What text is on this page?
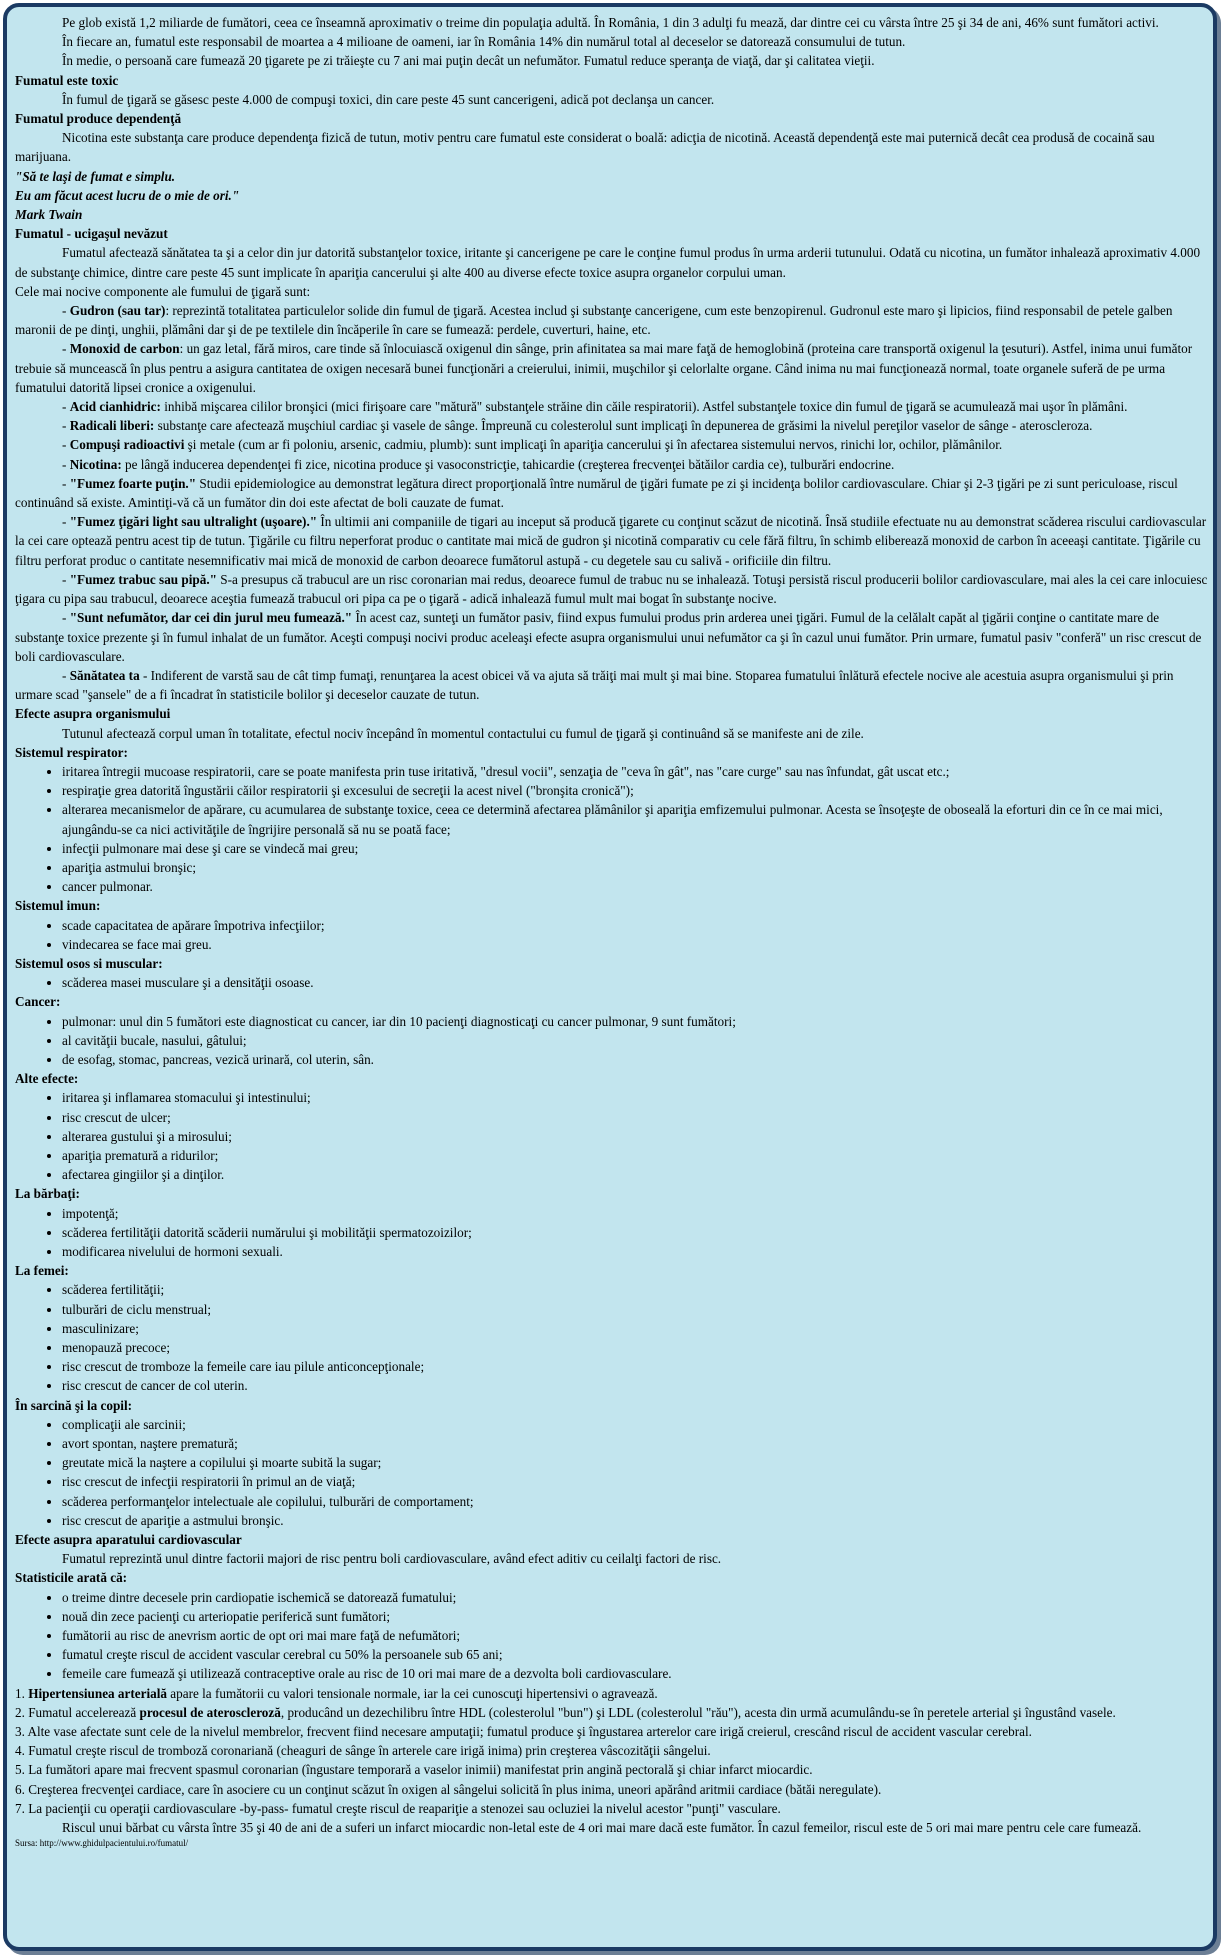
Pe glob există 1,2 miliarde de fumători, ceea ce înseamnă aproximativ o treime din populaţia adultă. În România, 1 din 3 adulţi fu mează, dar dintre cei cu vârsta între 25 şi 34 de ani, 46% sunt fumători activi.

În fiecare an, fumatul este responsabil de moartea a 4 milioane de oameni, iar în România 14% din numărul total al deceselor se datorează consumului de tutun.

În medie, o persoană care fumează 20 ţigarete pe zi trăieşte cu 7 ani mai puţin decât un nefumător. Fumatul reduce speranţa de viaţă, dar şi calitatea vieţii.

Fumatul este toxic

În fumul de ţigară se găsesc peste 4.000 de compuşi toxici, din care peste 45 sunt cancerigeni, adică pot declanşa un cancer.

Fumatul produce dependenţă

Nicotina este substanţa care produce dependenţa fizică de tutun, motiv pentru care fumatul este considerat o boală: adicţia de nicotină. Această dependenţă este mai puternică decât cea produsă de cocaină sau marijuana.

"Să te laşi de fumat e simplu.

Eu am făcut acest lucru de o mie de ori."

Mark Twain

Fumatul - ucigaşul nevăzut

Fumatul afectează sănătatea ta şi a celor din jur datorită substanţelor toxice, iritante şi cancerigene pe care le conţine fumul produs în urma arderii tutunului. Odată cu nicotina, un fumător inhalează aproximativ 4.000 de substanţe chimice, dintre care peste 45 sunt implicate în apariţia cancerului şi alte 400 au diverse efecte toxice asupra organelor corpului uman.

Cele mai nocive componente ale fumului de ţigară sunt:

- Gudron (sau tar): reprezintă totalitatea particulelor solide din fumul de ţigară. Acestea includ şi substanţe cancerigene, cum este benzopirenul. Gudronul este maro şi lipicios, fiind responsabil de petele galben maronii de pe dinţi, unghii, plămâni dar şi de pe textilele din încăperile în care se fumează: perdele, cuverturi, haine, etc.

- Monoxid de carbon: un gaz letal, fără miros, care tinde să înlocuiască oxigenul din sânge, prin afinitatea sa mai mare faţă de hemoglobină (proteina care transportă oxigenul la ţesuturi). Astfel, inima unui fumător trebuie să muncească în plus pentru a asigura cantitatea de oxigen necesară bunei funcţionări a creierului, inimii, muşchilor şi celorlalte organe. Când inima nu mai funcţionează normal, toate organele suferă de pe urma fumatului datorită lipsei cronice a oxigenului.

- Acid cianhidric: inhibă mişcarea cililor bronşici (mici firişoare care "mătură" substanţele străine din căile respiratorii). Astfel substanţele toxice din fumul de ţigară se acumulează mai uşor în plămâni.

- Radicali liberi: substanţe care afectează muşchiul cardiac şi vasele de sânge. Împreună cu colesterolul sunt implicaţi în depunerea de grăsimi la nivelul pereţilor vaselor de sânge - ateroscleroza.

- Compuşi radioactivi şi metale (cum ar fi poloniu, arsenic, cadmiu, plumb): sunt implicaţi în apariţia cancerului şi în afectarea sistemului nervos, rinichi lor, ochilor, plămânilor.

- Nicotina: pe lângă inducerea dependenţei fi zice, nicotina produce şi vasoconstricţie, tahicardie (creşterea frecvenţei bătăilor cardia ce), tulburări endocrine.

- "Fumez foarte puţin." Studii epidemiologice au demonstrat legătura direct proporţională între numărul de ţigări fumate pe zi şi incidenţa bolilor cardiovasculare. Chiar şi 2-3 ţigări pe zi sunt periculoase, riscul continuând să existe. Amintiţi-vă că un fumător din doi este afectat de boli cauzate de fumat.

- "Fumez ţigări light sau ultralight (uşoare)." În ultimii ani companiile de tigari au inceput să producă ţigarete cu conţinut scăzut de nicotină. Însă studiile efectuate nu au demonstrat scăderea riscului cardiovascular la cei care optează pentru acest tip de tutun. Ţigările cu filtru neperforat produc o cantitate mai mică de gudron şi nicotină comparativ cu cele fără filtru, în schimb eliberează monoxid de carbon în aceeaşi cantitate. Ţigările cu filtru perforat produc o cantitate nesemnificativ mai mică de monoxid de carbon deoarece fumătorul astupă - cu degetele sau cu salivă - orificiile din filtru.

- "Fumez trabuc sau pipă." S-a presupus că trabucul are un risc coronarian mai redus, deoarece fumul de trabuc nu se inhalează. Totuşi persistă riscul producerii bolilor cardiovasculare, mai ales la cei care inlocuiesc ţigara cu pipa sau trabucul, deoarece aceştia fumează trabucul ori pipa ca pe o ţigară - adică inhalează fumul mult mai bogat în substanţe nocive.

- "Sunt nefumător, dar cei din jurul meu fumează." În acest caz, sunteţi un fumător pasiv, fiind expus fumului produs prin arderea unei ţigări. Fumul de la celălalt capăt al ţigării conţine o cantitate mare de substanţe toxice prezente şi în fumul inhalat de un fumător. Aceşti compuşi nocivi produc aceleaşi efecte asupra organismului unui nefumător ca şi în cazul unui fumător. Prin urmare, fumatul pasiv "conferă" un risc crescut de boli cardiovasculare.

- Sănătatea ta - Indiferent de varstă sau de cât timp fumaţi, renunţarea la acest obicei vă va ajuta să trăiţi mai mult şi mai bine. Stoparea fumatului înlătură efectele nocive ale acestuia asupra organismului şi prin urmare scad "şansele" de a fi încadrat în statisticile bolilor şi deceselor cauzate de tutun.

Efecte asupra organismului

Tutunul afectează corpul uman în totalitate, efectul nociv începând în momentul contactului cu fumul de ţigară şi continuând să se manifeste ani de zile.

Sistemul respirator:

• iritarea întregii mucoase respiratorii, care se poate manifesta prin tuse iritativă, "dresul vocii", senzaţia de "ceva în gât", nas "care curge" sau nas înfundat, gât uscat etc.;
• respiraţie grea datorită îngustării căilor respiratorii şi excesului de secreţii la acest nivel ("bronşita cronică");
• alterarea mecanismelor de apărare, cu acumularea de substanţe toxice, ceea ce determină afectarea plămânilor şi apariţia emfizemului pulmonar. Acesta se însoţeşte de oboseală la eforturi din ce în ce mai mici, ajungându-se ca nici activităţile de îngrijire personală să nu se poată face;
• infecţii pulmonare mai dese şi care se vindecă mai greu;
• apariţia astmului bronşic;
• cancer pulmonar.

Sistemul imun:

• scade capacitatea de apărare împotriva infecţiilor;
• vindecarea se face mai greu.

Sistemul osos si muscular:

• scăderea masei musculare şi a densităţii osoase.

Cancer:

• pulmonar: unul din 5 fumători este diagnosticat cu cancer, iar din 10 pacienţi diagnosticaţi cu cancer pulmonar, 9 sunt fumători;
• al cavităţii bucale, nasului, gâtului;
• de esofag, stomac, pancreas, vezică urinară, col uterin, sân.

Alte efecte:

• iritarea şi inflamarea stomacului şi intestinului;
• risc crescut de ulcer;
• alterarea gustului şi a mirosului;
• apariţia prematură a ridurilor;
• afectarea gingiilor şi a dinţilor.

La bărbaţi:

• impotenţă;
• scăderea fertilităţii datorită scăderii numărului şi mobilităţii spermatozoizilor;
• modificarea nivelului de hormoni sexuali.

La femei:

• scăderea fertilităţii;
• tulburări de ciclu menstrual;
• masculinizare;
• menopauză precoce;
• risc crescut de tromboze la femeile care iau pilule anticoncepţionale;
• risc crescut de cancer de col uterin.

În sarcină şi la copil:

• complicaţii ale sarcinii;
• avort spontan, naştere prematură;
• greutate mică la naştere a copilului şi moarte subită la sugar;
• risc crescut de infecţii respiratorii în primul an de viaţă;
• scăderea performanţelor intelectuale ale copilului, tulburări de comportament;
• risc crescut de apariţie a astmului bronşic.

Efecte asupra aparatului cardiovascular

Fumatul reprezintă unul dintre factorii majori de risc pentru boli cardiovasculare, având efect aditiv cu ceilalţi factori de risc.

Statisticile arată că:

• o treime dintre decesele prin cardiopatie ischemică se datorează fumatului;
• nouă din zece pacienţi cu arteriopatie periferică sunt fumători;
• fumătorii au risc de anevrism aortic de opt ori mai mare faţă de nefumători;
• fumatul creşte riscul de accident vascular cerebral cu 50% la persoanele sub 65 ani;
• femeile care fumează şi utilizează contraceptive orale au risc de 10 ori mai mare de a dezvolta boli cardiovasculare.

1. Hipertensiunea arterială apare la fumătorii cu valori tensionale normale, iar la cei cunoscuţi hipertensivi o agravează.

2. Fumatul accelerează procesul de ateroscleroză, producând un dezechilibru între HDL (colesterolul "bun") şi LDL (colesterolul "rău"), acesta din urmă acumulându-se în peretele arterial şi îngustând vasele.

3. Alte vase afectate sunt cele de la nivelul membrelor, frecvent fiind necesare amputaţii; fumatul produce şi îngustarea arterelor care irigă creierul, crescând riscul de accident vascular cerebral.

4. Fumatul creşte riscul de tromboză coronariană (cheaguri de sânge în arterele care irigă inima) prin creşterea vâscozităţii sângelui.

5. La fumători apare mai frecvent spasmul coronarian (îngustare temporară a vaselor inimii) manifestat prin angină pectorală şi chiar infarct miocardic.

6. Creşterea frecvenţei cardiace, care în asociere cu un conţinut scăzut în oxigen al sângelui solicită în plus inima, uneori apărând aritmii cardiace (bătăi neregulate).

7. La pacienţii cu operaţii cardiovasculare -by-pass- fumatul creşte riscul de reapariţie a stenozei sau ocluziei la nivelul acestor "punţi" vasculare.

Riscul unui bărbat cu vârsta între 35 şi 40 de ani de a suferi un infarct miocardic non-letal este de 4 ori mai mare dacă este fumător. În cazul femeilor, riscul este de 5 ori mai mare pentru cele care fumează.

Sursa: http://www.ghidulpacientului.ro/fumatul/
